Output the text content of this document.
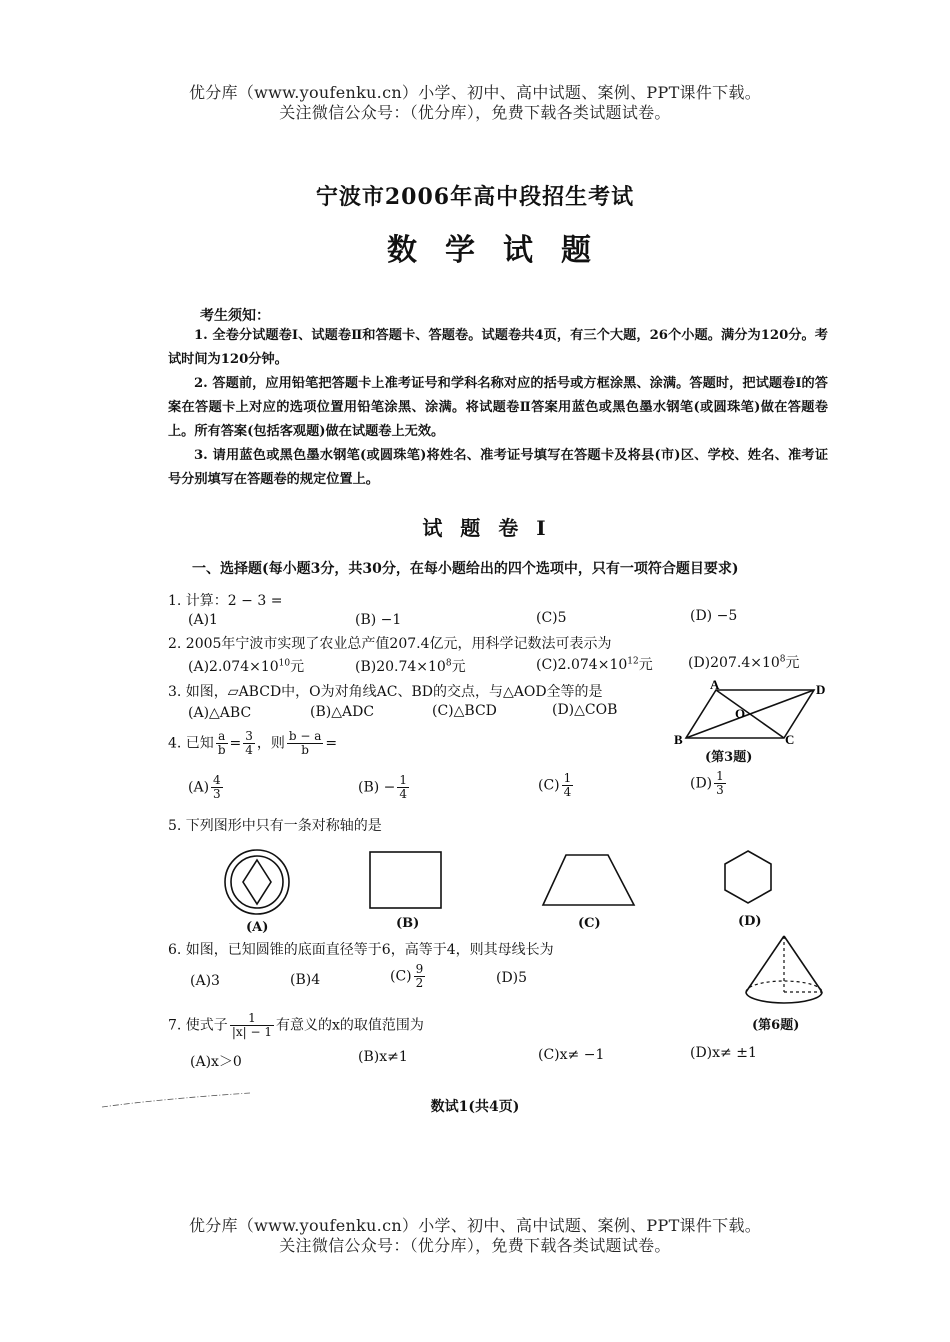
优分库（www.youfenku.cn）小学、初中、高中试题、案例、PPT课件下载。
关注微信公众号：（优分库），免费下载各类试题试卷。
宁波市2006年高中段招生考试
数学试题
考生须知：

1. 全卷分试题卷Ⅰ、试题卷Ⅱ和答题卡、答题卷。试题卷共4页，有三个大题，26个小题。满分为120分。考试时间为120分钟。

2. 答题前，应用铅笔把答题卡上准考证号和学科名称对应的括号或方框涂黑、涂满。答题时，把试题卷Ⅰ的答案在答题卡上对应的选项位置用铅笔涂黑、涂满。将试题卷Ⅱ答案用蓝色或黑色墨水钢笔(或圆珠笔)做在答题卷上。所有答案(包括客观题)做在试题卷上无效。

3. 请用蓝色或黑色墨水钢笔(或圆珠笔)将姓名、准考证号填写在答题卡及将县(市)区、学校、姓名、准考证号分别填写在答题卷的规定位置上。

试题卷Ⅰ
一、选择题(每小题3分，共30分，在每小题给出的四个选项中，只有一项符合题目要求)
1. 计算：2 − 3 =
(A)1	(B) −1	(C)5	(D) −5
2. 2005年宁波市实现了农业总产值207.4亿元，用科学记数法可表示为
$(A)2.074\times 10^{10}$元	$(B)20.74\times 10^8$元	$(C)2.074\times 10^{12}$元	$(D)207.4\times 10^8$元
3. 如图，▱ABCD中，O为对角线AC、BD的交点，与△AOD全等的是
(A)△ABC	(B)△ADC	(C)△BCD	(D)△COB
A	D
B	C
O
(第3题)
4. 已知 $\frac{a}{b} = \frac{3}{4}$ ，则 $\frac{b - a}{b}$ =
$(A) \frac{4}{3}$	$(B) - \frac{1}{4}$	$(C) \frac{1}{4}$	$(D) \frac{1}{3}$
5. 下列图形中只有一条对称轴的是
(A)	(B)	(C)	(D)
6. 如图，已知圆锥的底面直径等于6，高等于4，则其母线长为
(A)3	(B)4	$(C) \frac{9}{2}$	(D)5
(第6题)
7. 使式子 $\frac{1}{|x| - 1}$ 有意义的x的取值范围为
(A)x＞0	(B)x≠1	(C)x≠ −1	(D)x≠ ±1
数试1(共4页)
优分库（www.youfenku.cn）小学、初中、高中试题、案例、PPT课件下载。
关注微信公众号：（优分库），免费下载各类试题试卷。
